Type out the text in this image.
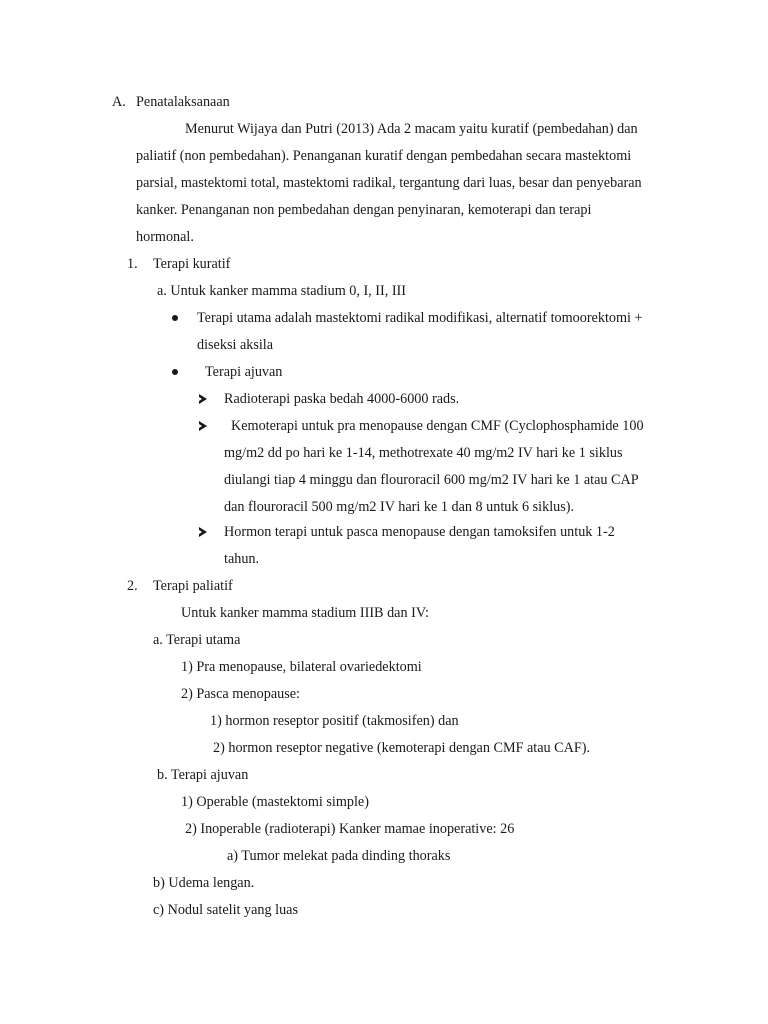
A. Penatalaksanaan
Menurut Wijaya dan Putri (2013) Ada 2 macam yaitu kuratif (pembedahan) dan
paliatif (non pembedahan). Penanganan kuratif dengan pembedahan secara mastektomi
parsial, mastektomi total, mastektomi radikal, tergantung dari luas, besar dan penyebaran
kanker. Penanganan non pembedahan dengan penyinaran, kemoterapi dan terapi
hormonal.
1. Terapi kuratif
a. Untuk kanker mamma stadium 0, I, II, III
Terapi utama adalah mastektomi radikal modifikasi, alternatif tomoorektomi +
diseksi aksila
Terapi ajuvan
Radioterapi paska bedah 4000-6000 rads.
Kemoterapi untuk pra menopause dengan CMF (Cyclophosphamide 100
mg/m2 dd po hari ke 1-14, methotrexate 40 mg/m2 IV hari ke 1 siklus
diulangi tiap 4 minggu dan flouroracil 600 mg/m2 IV hari ke 1 atau CAP
dan flouroracil 500 mg/m2 IV hari ke 1 dan 8 untuk 6 siklus).
Hormon terapi untuk pasca menopause dengan tamoksifen untuk 1-2
tahun.
2. Terapi paliatif
Untuk kanker mamma stadium IIIB dan IV:
a. Terapi utama
1) Pra menopause, bilateral ovariedektomi
2) Pasca menopause:
1) hormon reseptor positif (takmosifen) dan
2) hormon reseptor negative (kemoterapi dengan CMF atau CAF).
b. Terapi ajuvan
1) Operable (mastektomi simple)
2) Inoperable (radioterapi) Kanker mamae inoperative: 26
a) Tumor melekat pada dinding thoraks
b) Udema lengan.
c) Nodul satelit yang luas
